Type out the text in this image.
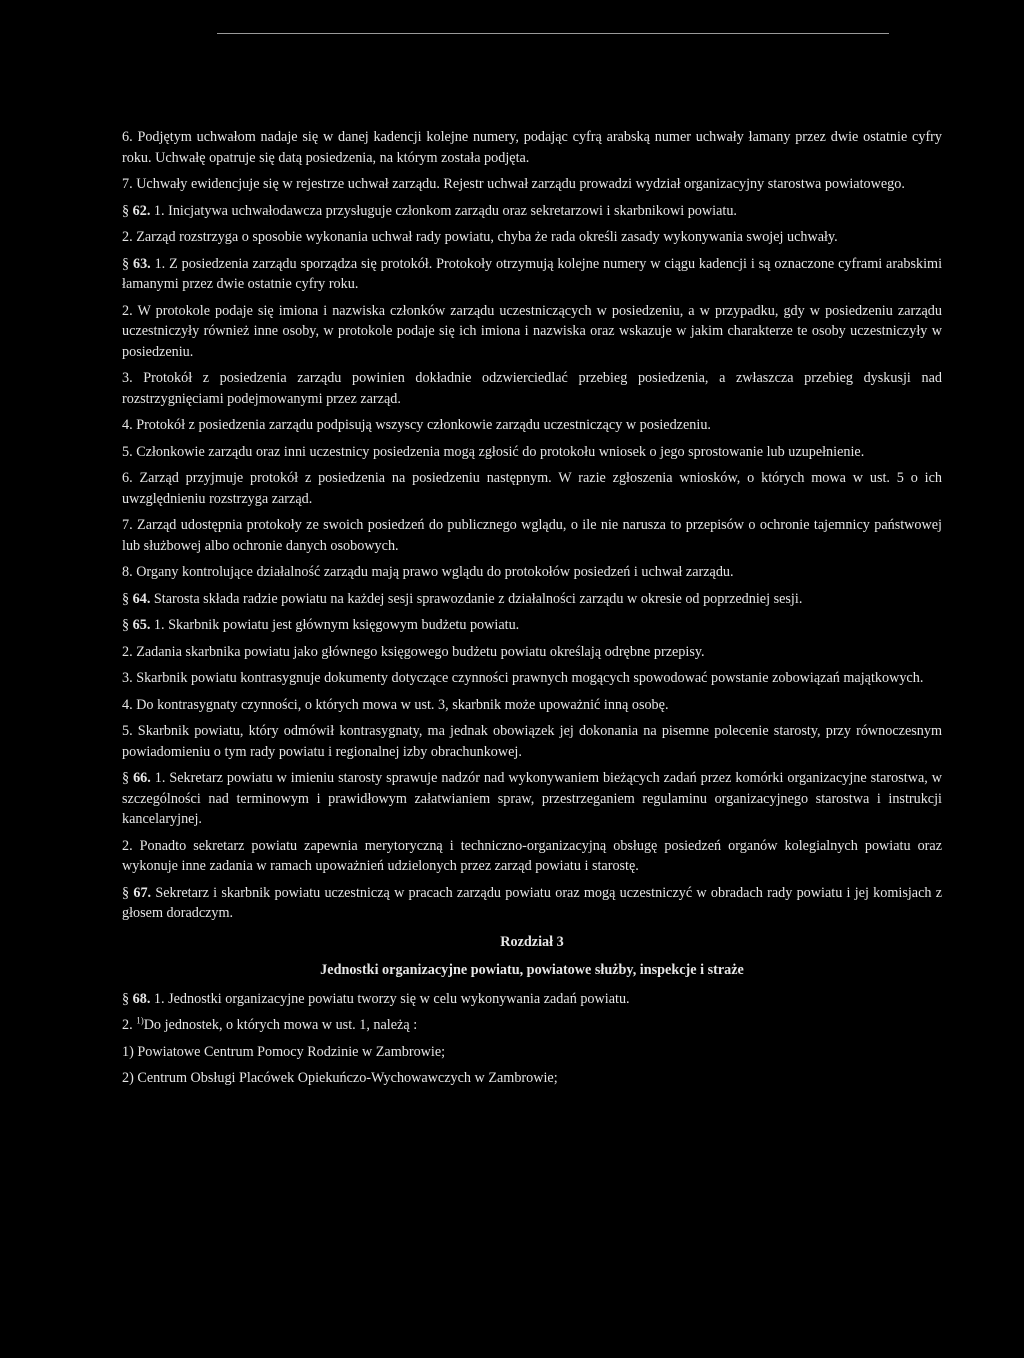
6. Podjętym uchwałom nadaje się w danej kadencji kolejne numery, podając cyfrą arabską numer uchwały łamany przez dwie ostatnie cyfry roku. Uchwałę opatruje się datą posiedzenia, na którym została podjęta.

7. Uchwały ewidencjuje się w rejestrze uchwał zarządu. Rejestr uchwał zarządu prowadzi wydział organizacyjny starostwa powiatowego.

§ 62. 1. Inicjatywa uchwałodawcza przysługuje członkom zarządu oraz sekretarzowi i skarbnikowi powiatu.

2. Zarząd rozstrzyga o sposobie wykonania uchwał rady powiatu, chyba że rada określi zasady wykonywania swojej uchwały.

§ 63. 1. Z posiedzenia zarządu sporządza się protokół. Protokoły otrzymują kolejne numery w ciągu kadencji i są oznaczone cyframi arabskimi łamanymi przez dwie ostatnie cyfry roku.

2. W protokole podaje się imiona i nazwiska członków zarządu uczestniczących w posiedzeniu, a w przypadku, gdy w posiedzeniu zarządu uczestniczyły również inne osoby, w protokole podaje się ich imiona i nazwiska oraz wskazuje w jakim charakterze te osoby uczestniczyły w posiedzeniu.

3. Protokół z posiedzenia zarządu powinien dokładnie odzwierciedlać przebieg posiedzenia, a zwłaszcza przebieg dyskusji nad rozstrzygnięciami podejmowanymi przez zarząd.

4. Protokół z posiedzenia zarządu podpisują wszyscy członkowie zarządu uczestniczący w posiedzeniu.

5. Członkowie zarządu oraz inni uczestnicy posiedzenia mogą zgłosić do protokołu wniosek o jego sprostowanie lub uzupełnienie.

6. Zarząd przyjmuje protokół z posiedzenia na posiedzeniu następnym. W razie zgłoszenia wniosków, o których mowa w ust. 5 o ich uwzględnieniu rozstrzyga zarząd.

7. Zarząd udostępnia protokoły ze swoich posiedzeń do publicznego wglądu, o ile nie narusza to przepisów o ochronie tajemnicy państwowej lub służbowej albo ochronie danych osobowych.

8. Organy kontrolujące działalność zarządu mają prawo wglądu do protokołów posiedzeń i uchwał zarządu.

§ 64. Starosta składa radzie powiatu na każdej sesji sprawozdanie z działalności zarządu w okresie od poprzedniej sesji.

§ 65. 1. Skarbnik powiatu jest głównym księgowym budżetu powiatu.

2. Zadania skarbnika powiatu jako głównego księgowego budżetu powiatu określają odrębne przepisy.

3. Skarbnik powiatu kontrasygnuje dokumenty dotyczące czynności prawnych mogących spowodować powstanie zobowiązań majątkowych.

4. Do kontrasygnaty czynności, o których mowa w ust. 3, skarbnik może upoważnić inną osobę.

5. Skarbnik powiatu, który odmówił kontrasygnaty, ma jednak obowiązek jej dokonania na pisemne polecenie starosty, przy równoczesnym powiadomieniu o tym rady powiatu i regionalnej izby obrachunkowej.

§ 66. 1. Sekretarz powiatu w imieniu starosty sprawuje nadzór nad wykonywaniem bieżących zadań przez komórki organizacyjne starostwa, w szczególności nad terminowym i prawidłowym załatwianiem spraw, przestrzeganiem regulaminu organizacyjnego starostwa i instrukcji kancelaryjnej.

2. Ponadto sekretarz powiatu zapewnia merytoryczną i techniczno-organizacyjną obsługę posiedzeń organów kolegialnych powiatu oraz wykonuje inne zadania w ramach upoważnień udzielonych przez zarząd powiatu i starostę.

§ 67. Sekretarz i skarbnik powiatu uczestniczą w pracach zarządu powiatu oraz mogą uczestniczyć w obradach rady powiatu i jej komisjach z głosem doradczym.

Rozdział 3

Jednostki organizacyjne powiatu, powiatowe służby, inspekcje i straże

§ 68. 1. Jednostki organizacyjne powiatu tworzy się w celu wykonywania zadań powiatu.

2. $^{1)}$Do jednostek, o których mowa w ust. 1, należą :

1) Powiatowe Centrum Pomocy Rodzinie w Zambrowie;

2) Centrum Obsługi Placówek Opiekuńczo-Wychowawczych w Zambrowie;
